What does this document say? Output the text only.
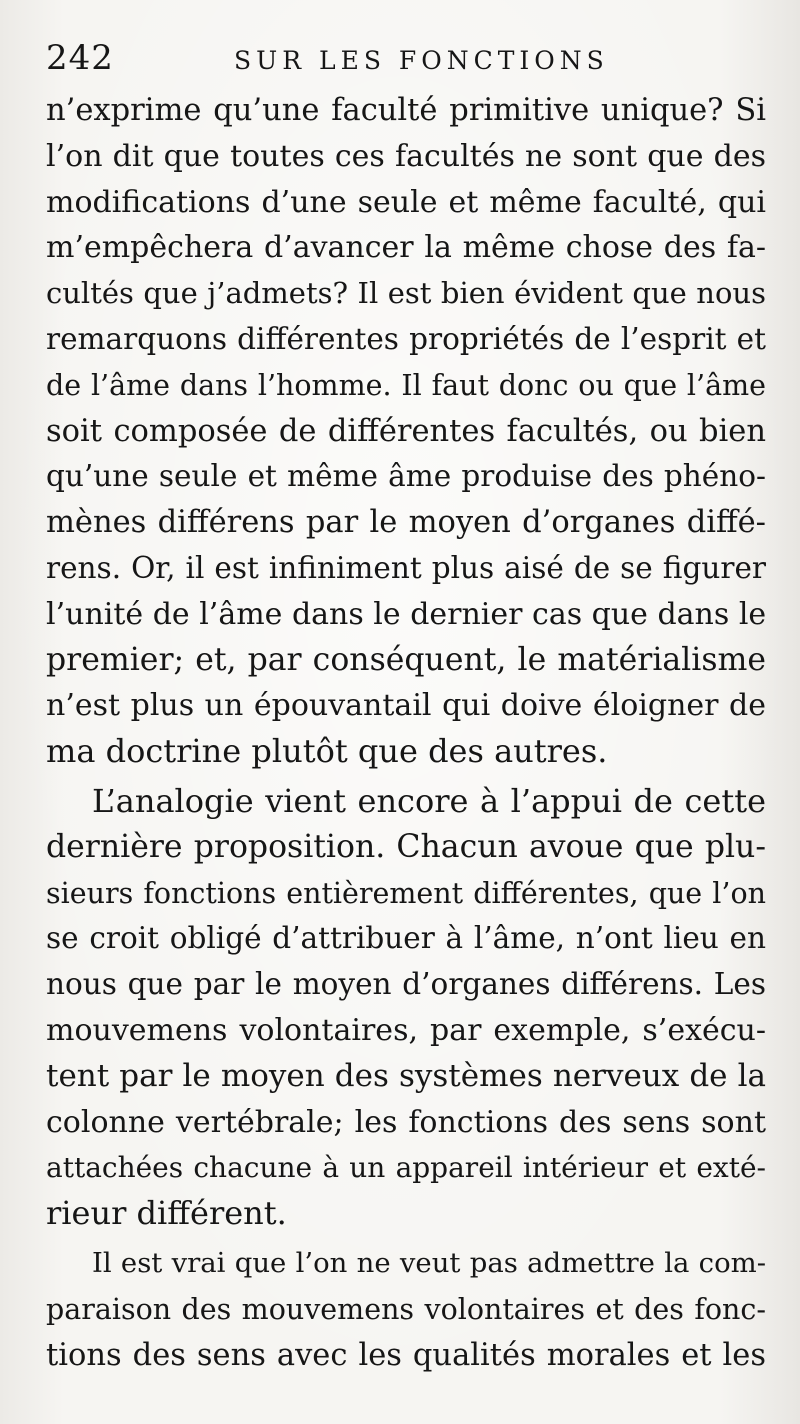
242	SUR LES FONCTIONS
n’exprime qu’une faculté primitive unique? Si
l’on dit que toutes ces facultés ne sont que des
modifications d’une seule et même faculté, qui
m’empêchera d’avancer la même chose des fa-
cultés que j’admets? Il est bien évident que nous
remarquons différentes propriétés de l’esprit et
de l’âme dans l’homme. Il faut donc ou que l’âme
soit composée de différentes facultés, ou bien
qu’une seule et même âme produise des phéno-
mènes différens par le moyen d’organes diffé-
rens. Or, il est infiniment plus aisé de se figurer
l’unité de l’âme dans le dernier cas que dans le
premier; et, par conséquent, le matérialisme
n’est plus un épouvantail qui doive éloigner de
ma doctrine plutôt que des autres.
L’analogie vient encore à l’appui de cette
dernière proposition. Chacun avoue que plu-
sieurs fonctions entièrement différentes, que l’on
se croit obligé d’attribuer à l’âme, n’ont lieu en
nous que par le moyen d’organes différens. Les
mouvemens volontaires, par exemple, s’exécu-
tent par le moyen des systèmes nerveux de la
colonne vertébrale; les fonctions des sens sont
attachées chacune à un appareil intérieur et exté-
rieur différent.
Il est vrai que l’on ne veut pas admettre la com-
paraison des mouvemens volontaires et des fonc-
tions des sens avec les qualités morales et les
